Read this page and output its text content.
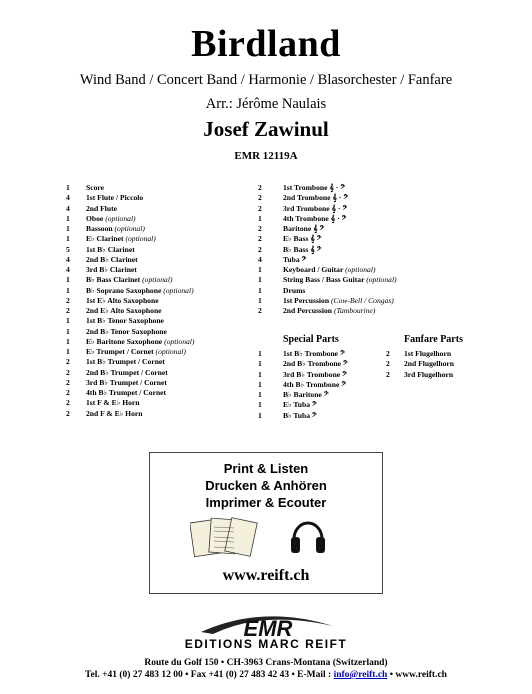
Birdland
Wind Band / Concert Band / Harmonie / Blasorchester / Fanfare
Arr.: Jérôme Naulais
Josef Zawinul
EMR 12119A
1 Score
4 1st Flute / Piccolo
4 2nd Flute
1 Oboe (optional)
1 Bassoon (optional)
1 E♭ Clarinet (optional)
5 1st B♭ Clarinet
4 2nd B♭ Clarinet
4 3rd B♭ Clarinet
1 B♭ Bass Clarinet (optional)
1 B♭ Soprano Saxophone (optional)
2 1st E♭ Alto Saxophone
2 2nd E♭ Alto Saxophone
1 1st B♭ Tenor Saxophone
1 2nd B♭ Tenor Saxophone
1 E♭ Baritone Saxophone (optional)
1 E♭ Trumpet / Cornet (optional)
2 1st B♭ Trumpet / Cornet
2 2nd B♭ Trumpet / Cornet
2 3rd B♭ Trumpet / Cornet
2 4th B♭ Trumpet / Cornet
2 1st F & E♭ Horn
2 2nd F & E♭ Horn
2	1st Trombone 𝄞 · 𝄢
2	2nd Trombone 𝄞 · 𝄢
2	3rd Trombone 𝄞 · 𝄢
1	4th Trombone 𝄞 · 𝄢
2	Baritone 𝄞 𝄢
2	E♭ Bass 𝄞 𝄢
2	B♭ Bass 𝄞 𝄢
4	Tuba 𝄢
1	Keyboard / Guitar (optional)
1	String Bass / Bass Guitar (optional)
1	Drums
1	1st Percussion (Cow-Bell / Congas)
2	2nd Percussion (Tambourine)
Special Parts
1	1st B♭ Trombone 𝄢
1	2nd B♭ Trombone 𝄢
1	3rd B♭ Trombone 𝄢
1	4th B♭ Trombone 𝄢
1	B♭ Baritone 𝄢
1	E♭ Tuba 𝄢
1	B♭ Tuba 𝄢
Fanfare Parts
2 1st Flugelhorn
2 2nd Flugelhorn
2 3rd Flugelhorn
Print & Listen
Drucken & Anhören
Imprimer & Ecouter
www.reift.ch
EMR
EDITIONS MARC REIFT
Route du Golf 150 • CH-3963 Crans-Montana (Switzerland)
Tel. +41 (0) 27 483 12 00 • Fax +41 (0) 27 483 42 43 • E-Mail : info@reift.ch • www.reift.ch
